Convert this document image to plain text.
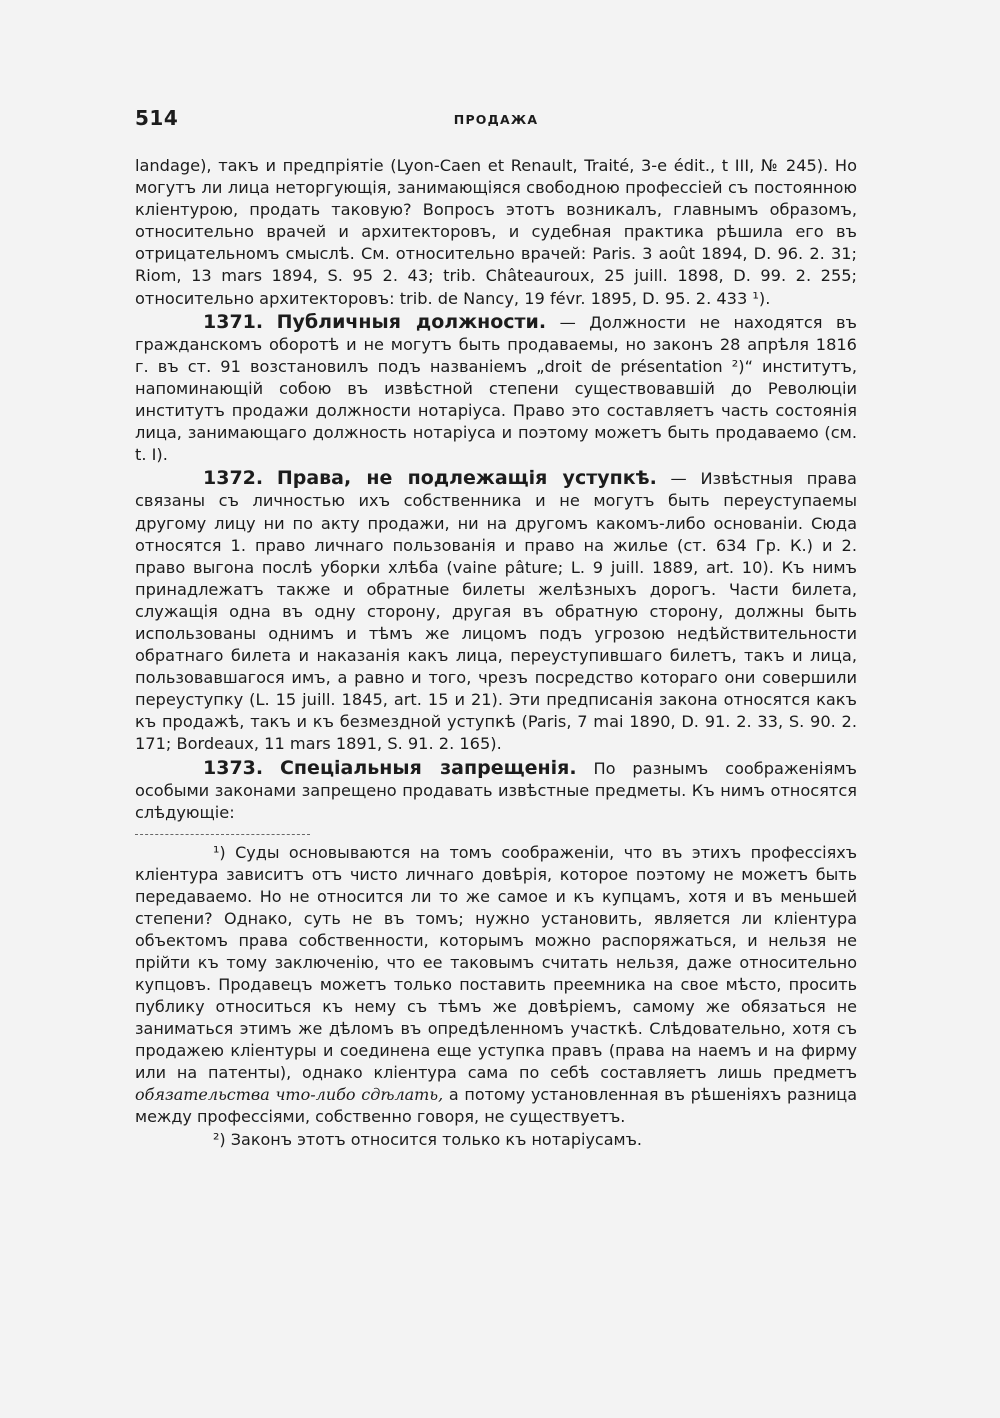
514	ПРОДАЖА

landage), такъ и предпріятіе (Lyon-Caen et Renault, Traité, 3-e édit., t III, № 245). Но могутъ ли лица неторгующія, занимающіяся свободною профессіей съ постоянною кліентурою, продать таковую? Вопросъ этотъ возникалъ, главнымъ образомъ, относительно врачей и архитекторовъ, и судебная практика рѣшила его въ отрицательномъ смыслѣ. См. относительно врачей: Paris. 3 août 1894, D. 96. 2. 31; Riom, 13 mars 1894, S. 95 2. 43; trib. Châteauroux, 25 juill. 1898, D. 99. 2. 255; относительно архитекторовъ: trib. de Nancy, 19 févr. 1895, D. 95. 2. 433 ¹).

1371. Публичныя должности. — Должности не находятся въ гражданскомъ оборотѣ и не могутъ быть продаваемы, но законъ 28 апрѣля 1816 г. въ ст. 91 возстановилъ подъ названіемъ „droit de présentation ²)“ институтъ, напоминающій собою въ извѣстной степени существовавшій до Революціи институтъ продажи должности нотаріуса. Право это составляетъ часть состоянія лица, занимающаго должность нотаріуса и поэтому можетъ быть продаваемо (см. t. I).

1372. Права, не подлежащія уступкѣ. — Извѣстныя права связаны съ личностью ихъ собственника и не могутъ быть переуступаемы другому лицу ни по акту продажи, ни на другомъ какомъ-либо основаніи. Сюда относятся 1. право личнаго пользованія и право на жилье (ст. 634 Гр. К.) и 2. право выгона послѣ уборки хлѣба (vaine pâture; L. 9 juill. 1889, art. 10). Къ нимъ принадлежатъ также и обратные билеты желѣзныхъ дорогъ. Части билета, служащія одна въ одну сторону, другая въ обратную сторону, должны быть использованы однимъ и тѣмъ же лицомъ подъ угрозою недѣйствительности обратнаго билета и наказанія какъ лица, переуступившаго билетъ, такъ и лица, пользовавшагося имъ, а равно и того, чрезъ посредство котораго они совершили переуступку (L. 15 juill. 1845, art. 15 и 21). Эти предписанія закона относятся какъ къ продажѣ, такъ и къ безмездной уступкѣ (Paris, 7 mai 1890, D. 91. 2. 33, S. 90. 2. 171; Bordeaux, 11 mars 1891, S. 91. 2. 165).

1373. Спеціальныя запрещенія. По разнымъ соображеніямъ особыми законами запрещено продавать извѣстные предметы. Къ нимъ относятся слѣдующіе:

¹) Суды основываются на томъ соображеніи, что въ этихъ профессіяхъ кліентура зависитъ отъ чисто личнаго довѣрія, которое поэтому не можетъ быть передаваемо. Но не относится ли то же самое и къ купцамъ, хотя и въ меньшей степени? Однако, суть не въ томъ; нужно установить, является ли кліентура объектомъ права собственности, которымъ можно распоряжаться, и нельзя не прійти къ тому заключенію, что ее таковымъ считать нельзя, даже относительно купцовъ. Продавецъ можетъ только поставить преемника на свое мѣсто, просить публику относиться къ нему съ тѣмъ же довѣріемъ, самому же обязаться не заниматься этимъ же дѣломъ въ опредѣленномъ участкѣ. Слѣдовательно, хотя съ продажею кліентуры и соединена еще уступка правъ (права на наемъ и на фирму или на патенты), однако кліентура сама по себѣ составляетъ лишь предметъ обязательства что-либо сдѣлать, а потому установленная въ рѣшеніяхъ разница между профессіями, собственно говоря, не существуетъ.

²) Законъ этотъ относится только къ нотаріусамъ.
